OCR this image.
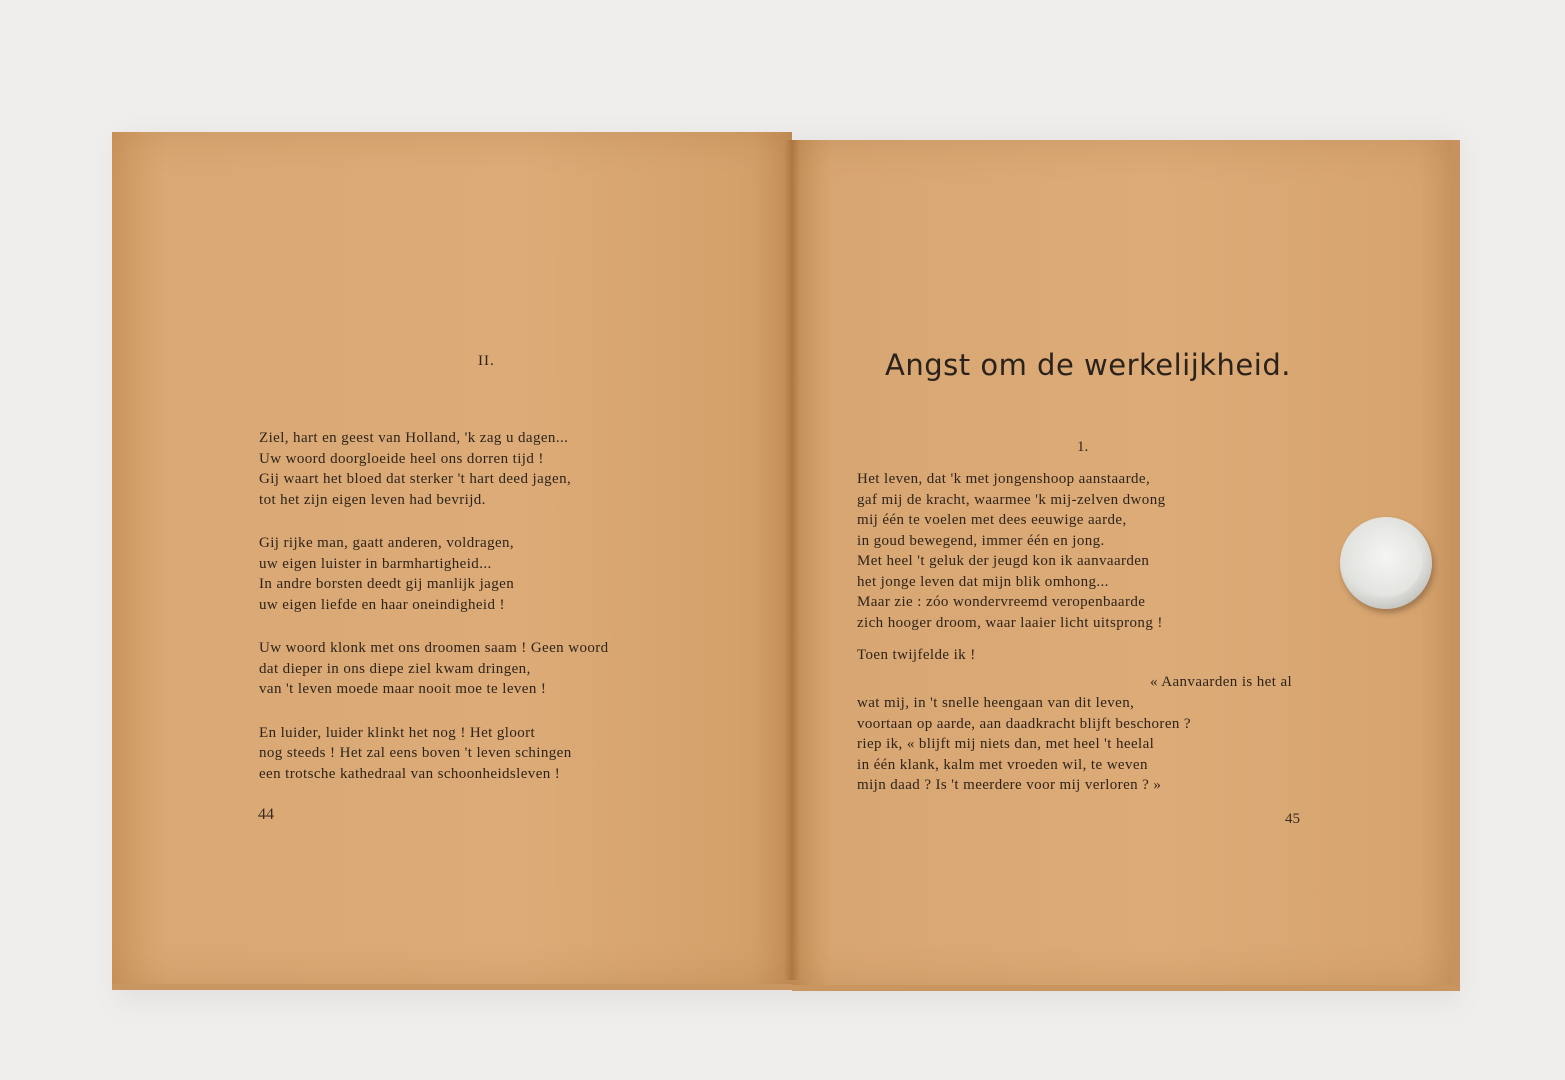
II.
Ziel, hart en geest van Holland, 'k zag u dagen...
Uw woord doorgloeide heel ons dorren tijd !
Gij waart het bloed dat sterker 't hart deed jagen,
tot het zijn eigen leven had bevrijd.
Gij rijke man, gaatt anderen, voldragen,
uw eigen luister in barmhartigheid...
In andre borsten deedt gij manlijk jagen
uw eigen liefde en haar oneindigheid !
Uw woord klonk met ons droomen saam ! Geen woord
dat dieper in ons diepe ziel kwam dringen,
van 't leven moede maar nooit moe te leven !
En luider, luider klinkt het nog ! Het gloort
nog steeds ! Het zal eens boven 't leven schingen
een trotsche kathedraal van schoonheidsleven !
44
Angst om de werkelijkheid.
1.
Het leven, dat 'k met jongenshoop aanstaarde,
gaf mij de kracht, waarmee 'k mij-zelven dwong
mij één te voelen met dees eeuwige aarde,
in goud bewegend, immer één en jong.
Met heel 't geluk der jeugd kon ik aanvaarden
het jonge leven dat mijn blik omhong...
Maar zie : zóo wondervreemd veropenbaarde
zich hooger droom, waar laaier licht uitsprong !
Toen twijfelde ik !
« Aanvaarden is het al
wat mij, in 't snelle heengaan van dit leven,
voortaan op aarde, aan daadkracht blijft beschoren ?
riep ik, « blijft mij niets dan, met heel 't heelal
in één klank, kalm met vroeden wil, te weven
mijn daad ? Is 't meerdere voor mij verloren ? »
45
